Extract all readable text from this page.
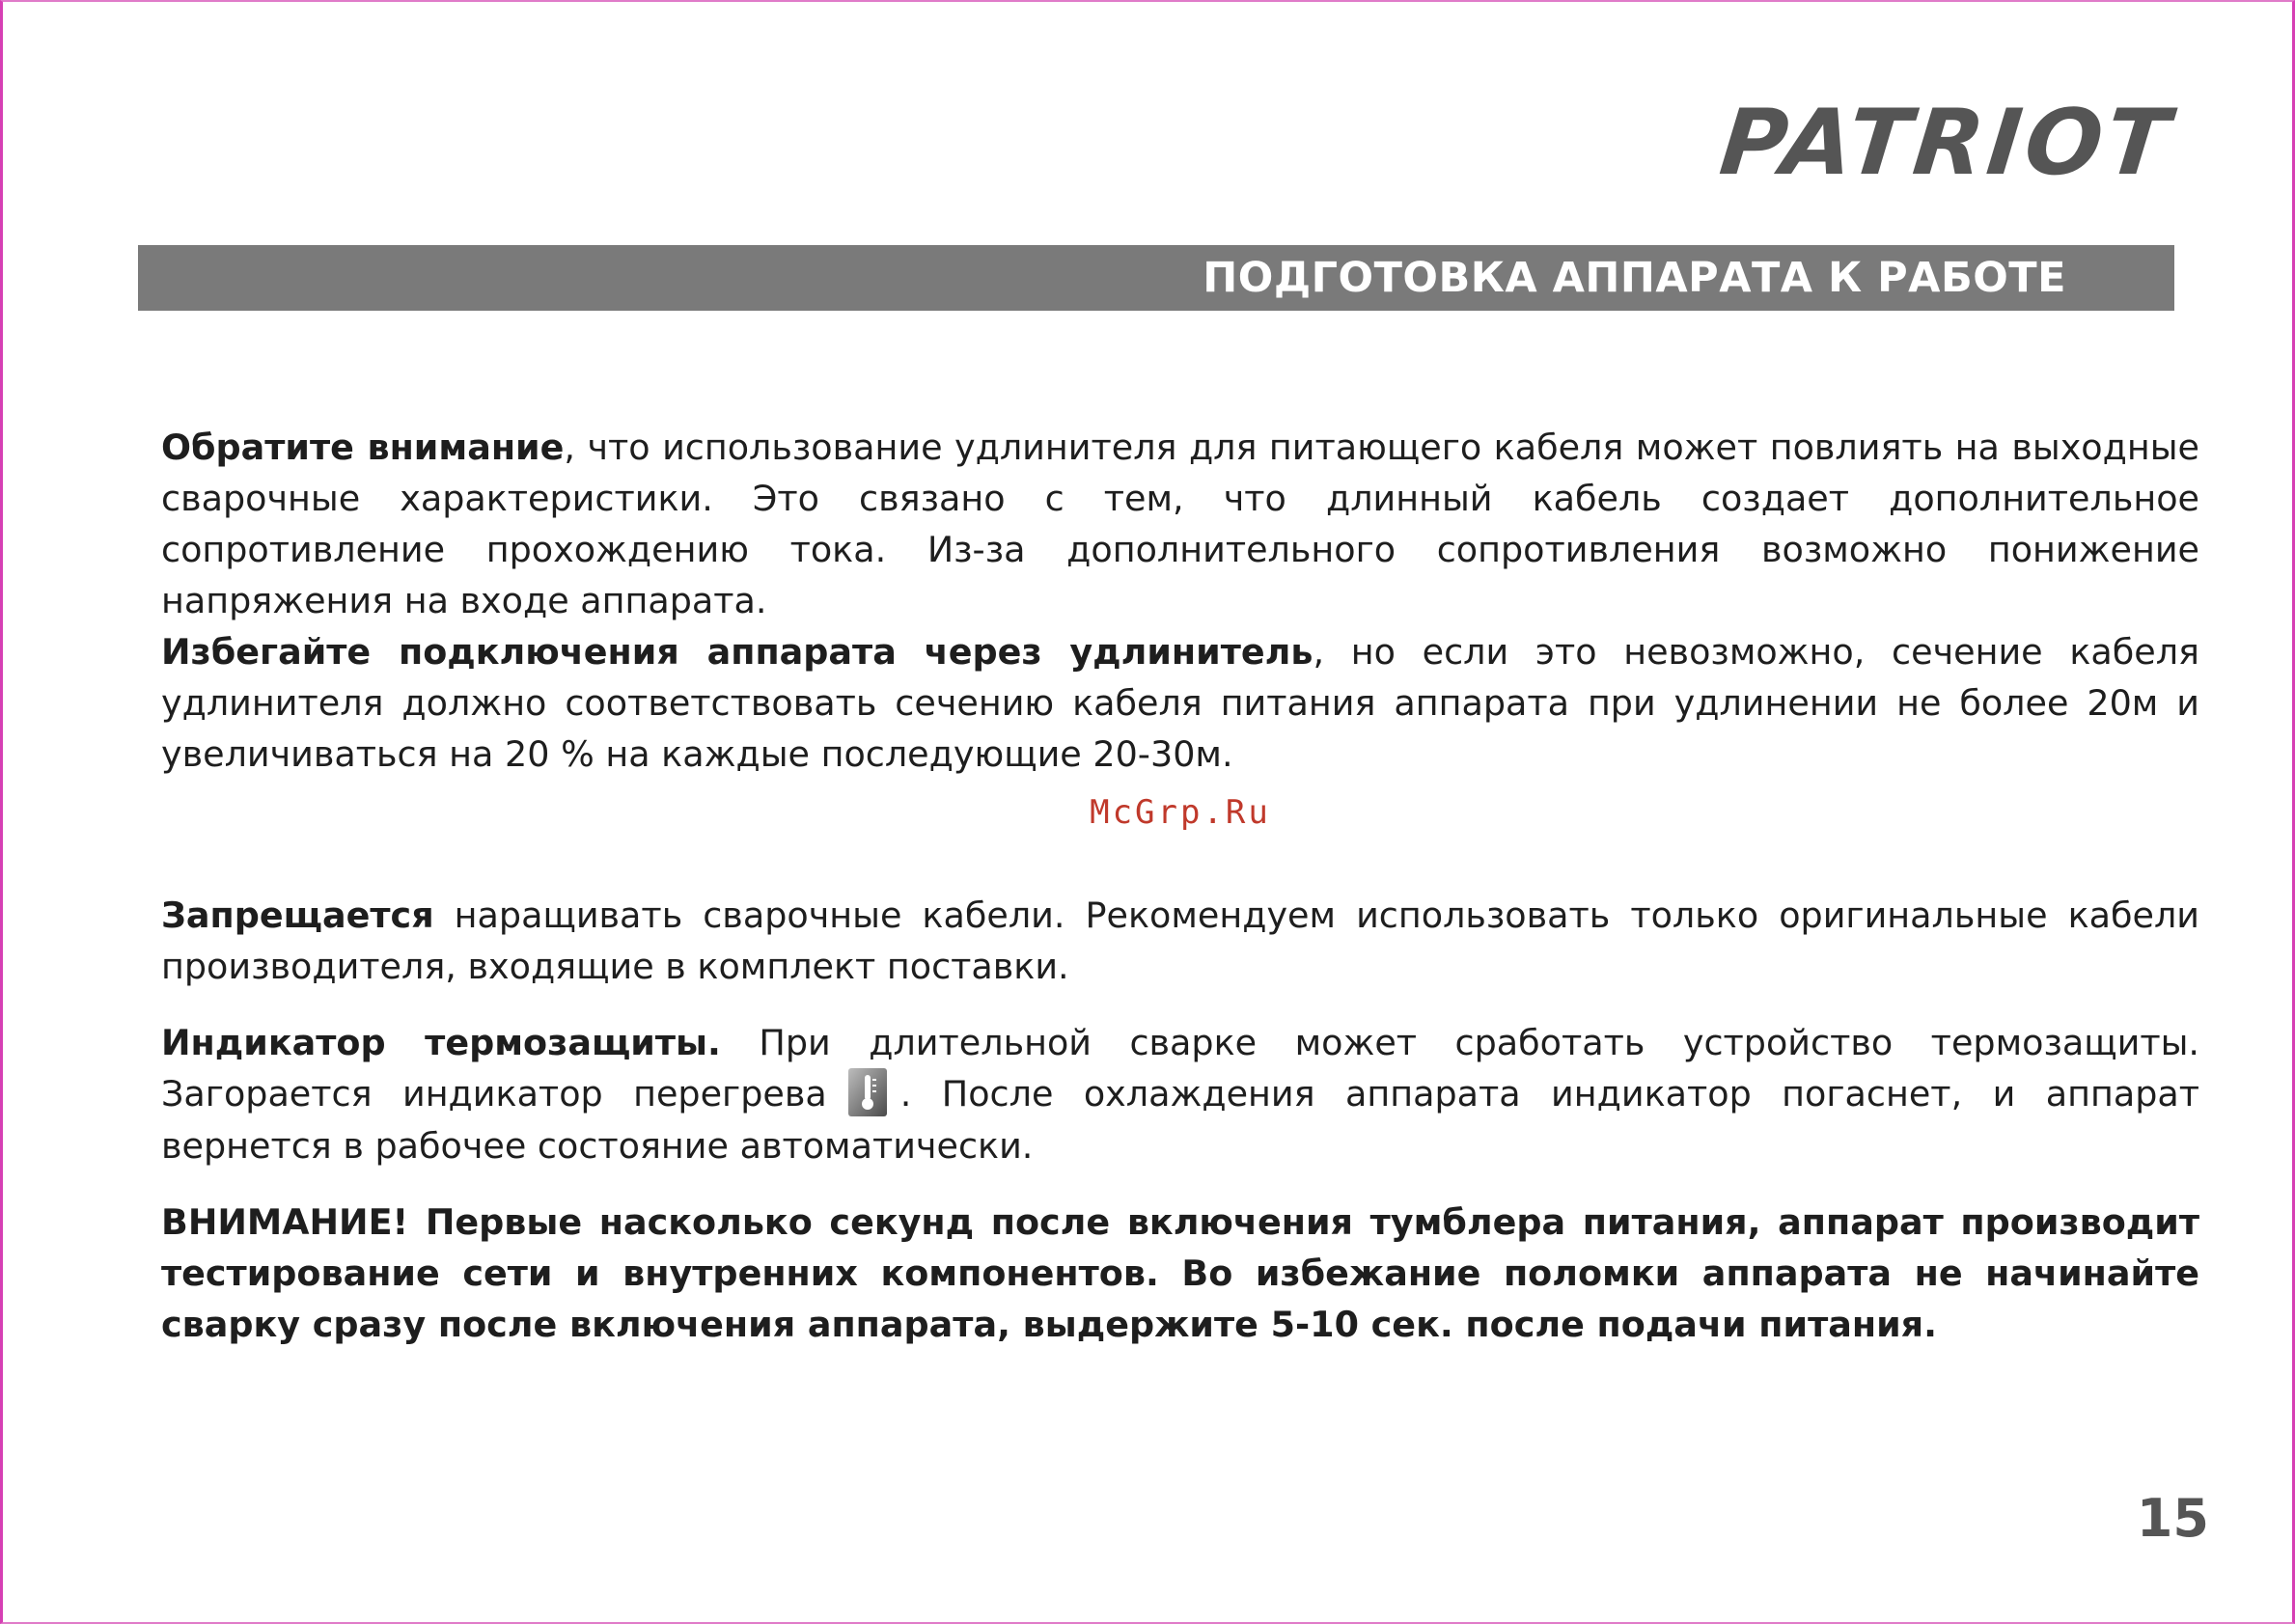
PATRIOT
ПОДГОТОВКА АППАРАТА К РАБОТЕ

Обратите внимание, что использование удлинителя для питающего кабеля может повлиять на выходные сварочные характеристики. Это связано с тем, что длинный кабель создает дополнительное сопротивление прохождению тока. Из-за дополнительного сопротивления возможно понижение напряжения на входе аппарата.

Избегайте подключения аппарата через удлинитель, но если это невозможно, сечение кабеля удлинителя должно соответствовать сечению кабеля питания аппарата при удлинении не более 20м и увеличиваться на 20 % на каждые последующие 20-30м.

McGrp.Ru

Запрещается наращивать сварочные кабели. Рекомендуем использовать только оригинальные кабели производителя, входящие в комплект поставки.

Индикатор термозащиты. При длительной сварке может сработать устройство термозащиты. Загорается индикатор перегрева . После охлаждения аппарата индикатор погаснет, и аппарат вернется в рабочее состояние автоматически.

ВНИМАНИЕ! Первые насколько секунд после включения тумблера питания, аппарат производит тестирование сети и внутренних компонентов. Во избежание поломки аппарата не начинайте сварку сразу после включения аппарата, выдержите 5-10 сек. после подачи питания.

15
